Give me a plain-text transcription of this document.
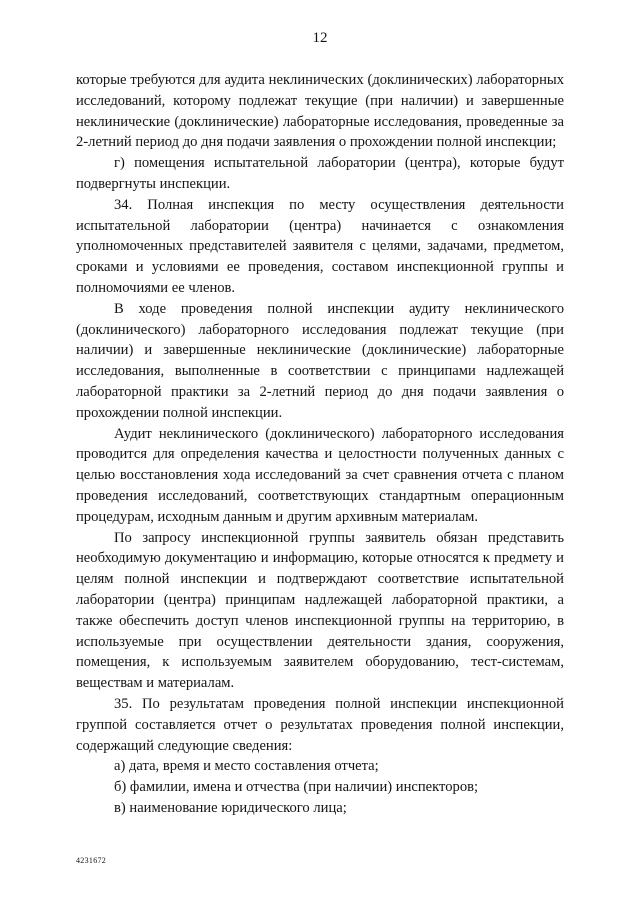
12

которые требуются для аудита неклинических (доклинических) лабораторных исследований, которому подлежат текущие (при наличии) и завершенные неклинические (доклинические) лабораторные исследования, проведенные за 2-летний период до дня подачи заявления о прохождении полной инспекции;

г) помещения испытательной лаборатории (центра), которые будут подвергнуты инспекции.

34. Полная инспекция по месту осуществления деятельности испытательной лаборатории (центра) начинается с ознакомления уполномоченных представителей заявителя с целями, задачами, предметом, сроками и условиями ее проведения, составом инспекционной группы и полномочиями ее членов.

В ходе проведения полной инспекции аудиту неклинического (доклинического) лабораторного исследования подлежат текущие (при наличии) и завершенные неклинические (доклинические) лабораторные исследования, выполненные в соответствии с принципами надлежащей лабораторной практики за 2-летний период до дня подачи заявления о прохождении полной инспекции.

Аудит неклинического (доклинического) лабораторного исследования проводится для определения качества и целостности полученных данных с целью восстановления хода исследований за счет сравнения отчета с планом проведения исследований, соответствующих стандартным операционным процедурам, исходным данным и другим архивным материалам.

По запросу инспекционной группы заявитель обязан представить необходимую документацию и информацию, которые относятся к предмету и целям полной инспекции и подтверждают соответствие испытательной лаборатории (центра) принципам надлежащей лабораторной практики, а также обеспечить доступ членов инспекционной группы на территорию, в используемые при осуществлении деятельности здания, сооружения, помещения, к используемым заявителем оборудованию, тест-системам, веществам и материалам.

35. По результатам проведения полной инспекции инспекционной группой составляется отчет о результатах проведения полной инспекции, содержащий следующие сведения:

а) дата, время и место составления отчета;

б) фамилии, имена и отчества (при наличии) инспекторов;

в) наименование юридического лица;

4231672
